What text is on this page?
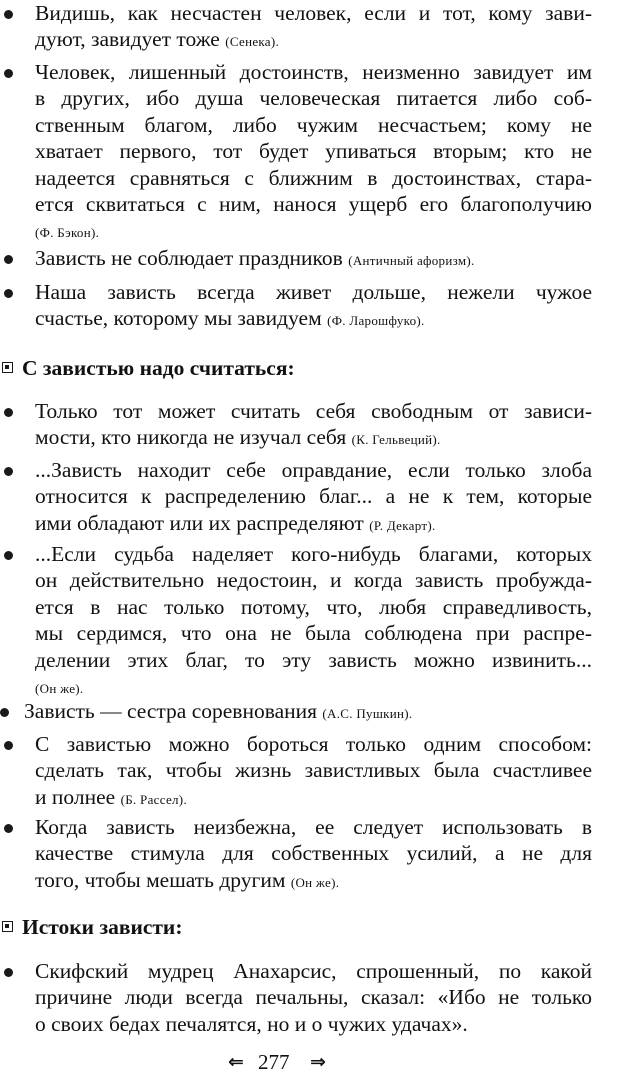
Видишь, как несчастен человек, если и тот, кому зави-
дуют, завидует тоже (Сенека).
Человек, лишенный достоинств, неизменно завидует им
в других, ибо душа человеческая питается либо соб-
ственным благом, либо чужим несчастьем; кому не
хватает первого, тот будет упиваться вторым; кто не
надеется сравняться с ближним в достоинствах, стара-
ется сквитаться с ним, нанося ущерб его благополучию
(Ф. Бэкон).
Зависть не соблюдает праздников (Античный афоризм).
Наша зависть всегда живет дольше, нежели чужое
счастье, которому мы завидуем (Ф. Ларошфуко).
С завистью надо считаться:
Только тот может считать себя свободным от зависи-
мости, кто никогда не изучал себя (К. Гельвеций).
...Зависть находит себе оправдание, если только злоба
относится к распределению благ... а не к тем, которые
ими обладают или их распределяют (Р. Декарт).
...Если судьба наделяет кого-нибудь благами, которых
он действительно недостоин, и когда зависть пробужда-
ется в нас только потому, что, любя справедливость,
мы сердимся, что она не была соблюдена при распре-
делении этих благ, то эту зависть можно извинить...
(Он же).
Зависть — сестра соревнования (А.С. Пушкин).
С завистью можно бороться только одним способом:
сделать так, чтобы жизнь завистливых была счастливее
и полнее (Б. Рассел).
Когда зависть неизбежна, ее следует использовать в
качестве стимула для собственных усилий, а не для
того, чтобы мешать другим (Он же).
Истоки зависти:
Скифский мудрец Анахарсис, спрошенный, по какой
причине люди всегда печальны, сказал: «Ибо не только
о своих бедах печалятся, но и о чужих удачах».
⇐ 277 ⇒
